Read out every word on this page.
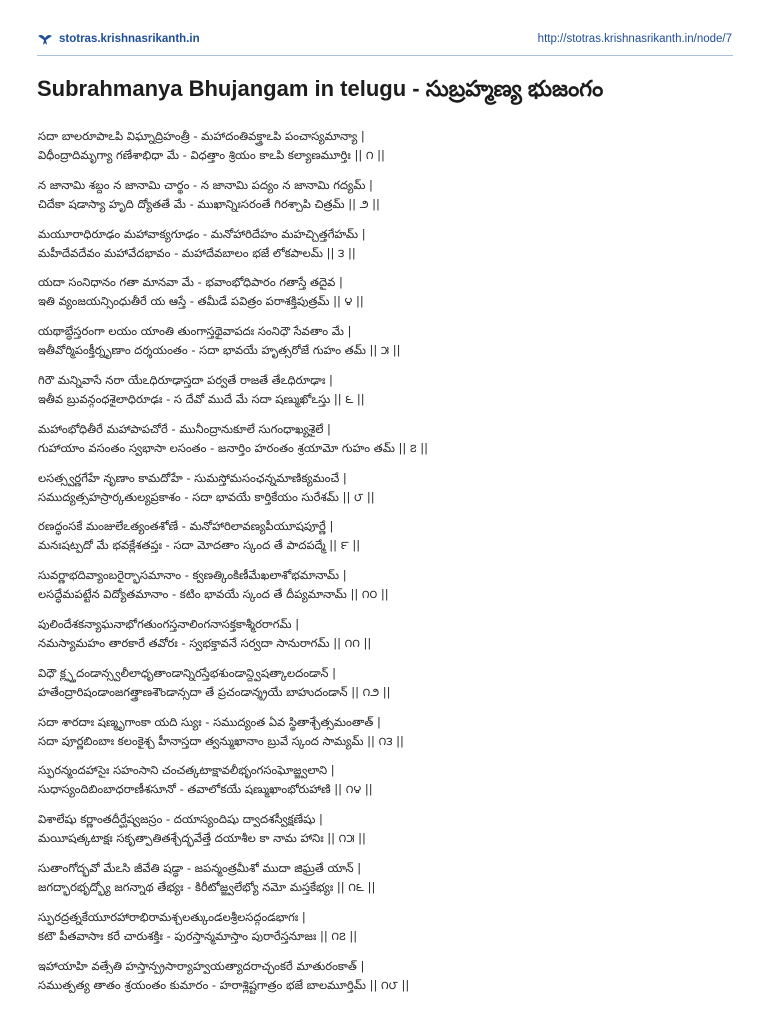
stotras.krishnasrikanth.in	http://stotras.krishnasrikanth.in/node/7
Subrahmanya Bhujangam in telugu - సుబ్రహ్మణ్య భుజంగం
సదా బాలరూపాఽపి విఘ్నాద్రిహంత్రీ - మహాదంతివక్త్రాఽపి పంచాస్యమాన్యా |
విధీంద్రాదిమృగ్యా గణేశాభిధా మే - విధత్తాం శ్రియం కాఽపి కల్యాణమూర్తిః || ౧ ||
న జానామి శబ్దం న జానామి చార్థం - న జానామి పద్యం న జానామి గద్యమ్ |
చిదేకా షడాస్యా హృది ద్యోతతే మే - ముఖాన్నిఃసరంతే గిరశ్చాపి చిత్రమ్ || ౨ ||
మయూరాధిరూఢం మహావాక్యగూఢం - మనోహారిదేహం మహచ్చిత్తగేహమ్ |
మహీదేవదేవం మహావేదభావం - మహాదేవబాలం భజే లోకపాలమ్ || ౩ ||
యదా సంనిధానం గతా మానవా మే - భవాంభోధిపారం గతాస్తే తదైవ |
ఇతి వ్యంజయన్సింధుతీరే య ఆస్తే - తమీడే పవిత్రం పరాశక్తిపుత్రమ్ || ౪ ||
యథాబ్ధేస్తరంగా లయం యాంతి తుంగాస్తథైవాపదః సంనిధౌ సేవతాం మే |
ఇతీవోర్మిపంక్తీర్నృణాం దర్శయంతం - సదా భావయే హృత్సరోజే గుహం తమ్ || ౫ ||
గిరౌ మన్నివాసే నరా యేఽధిరూఢాస్తదా పర్వతే రాజతే తేఽధిరూఢాః |
ఇతీవ బ్రువన్గంధశైలాధిరూఢః - స దేవో ముదే మే సదా షణ్ముఖోఽస్తు || ౬ ||
మహాంభోధితీరే మహాపాపచోరే - మునీంద్రానుకూలే సుగంధాఖ్యశైలే |
గుహాయాం వసంతం స్వభాసా లసంతం - జనార్తిం హరంతం శ్రయామో గుహం తమ్ || ౭ ||
లసత్స్వర్ణగేహే నృణాం కామదోహే - సుమస్తోమసంఛన్నమాణిక్యమంచే |
సముద్యత్సహస్రార్కతుల్యప్రకాశం - సదా భావయే కార్తికేయం సురేశమ్ || ౮ ||
రణద్ధంసకే మంజులేఽత్యంతశోణే - మనోహారిలావణ్యపీయూషపూర్ణే |
మనఃషట్పదో మే భవక్లేశతప్తః - సదా మోదతాం స్కంద తే పాదపద్మే || ౯ ||
సువర్ణాభదివ్యాంబరైర్భాసమానాం - క్వణత్కింకిణీమేఖలాశోభమానామ్ |
లసద్ధేమపట్టేన విద్యోతమానాం - కటిం భావయే స్కంద తే దీప్యమానామ్ || ౧౦ ||
పులిందేశకన్యాఘనాభోగతుంగస్తనాలింగనాసక్తకాశ్మీరరాగమ్ |
నమస్యామహం తారకారే తవోరః - స్వభక్తావనే సర్వదా సానురాగమ్ || ౧౧ ||
విధౌ క్ల్ప్తదండాన్స్వలీలాధృతాండాన్నిరస్తేభశుండాన్ద్విషత్కాలదండాన్ |
హతేంద్రారిషండాంజగత్త్రాణశౌండాన్సదా తే ప్రచండాన్శ్రయే బాహుదండాన్ || ౧౨ ||
సదా శారదాః షణ్మృగాంకా యది స్యుః - సముద్యంత ఏవ స్థితాశ్చేత్సమంతాత్ |
సదా పూర్ణబింబాః కలంకైశ్చ హీనాస్తదా త్వన్ముఖానాం బ్రువే స్కంద సామ్యమ్ || ౧౩ ||
స్ఫురన్మందహాసైః సహంసాని చంచత్కటాక్షావలీభృంగసంఘోజ్జ్వలాని |
సుధాస్యందిబింబాధరాణీశసూనో - తవాలోకయే షణ్ముఖాంభోరుహాణి || ౧౪ ||
విశాలేషు కర్ణాంతదీర్ఘేష్వజస్రం - దయాస్యందిషు ద్వాదశస్వీక్షణేషు |
మయీషత్కటాక్షః సకృత్పాతితశ్చేద్భవేత్తే దయాశీల కా నామ హానిః || ౧౫ ||
సుతాంగోద్భవో మేఽసి జీవేతి షడ్ధా - జపన్మంత్రమీశో ముదా జిఘ్రతే యాన్ |
జగద్భారభృద్భ్యో జగన్నాథ తేభ్యః - కిరీటోజ్జ్వలేభ్యో నమో మస్తకేభ్యః || ౧౬ ||
స్ఫురద్రత్నకేయూరహారాభిరామశ్చలత్కుండలశ్రీలసద్గండభాగః |
కటౌ పీతవాసాః కరే చారుశక్తిః - పురస్తాన్మమాస్తాం పురారేస్తనూజః || ౧౭ ||
ఇహాయాహి వత్సేతి హస్తాన్ప్రసార్యాహ్వయత్యాదరాచ్ఛంకరే మాతురంకాత్ |
సముత్పత్య తాతం శ్రయంతం కుమారం - హరాశ్లిష్టగాత్రం భజే బాలమూర్తిమ్ || ౧౮ ||
